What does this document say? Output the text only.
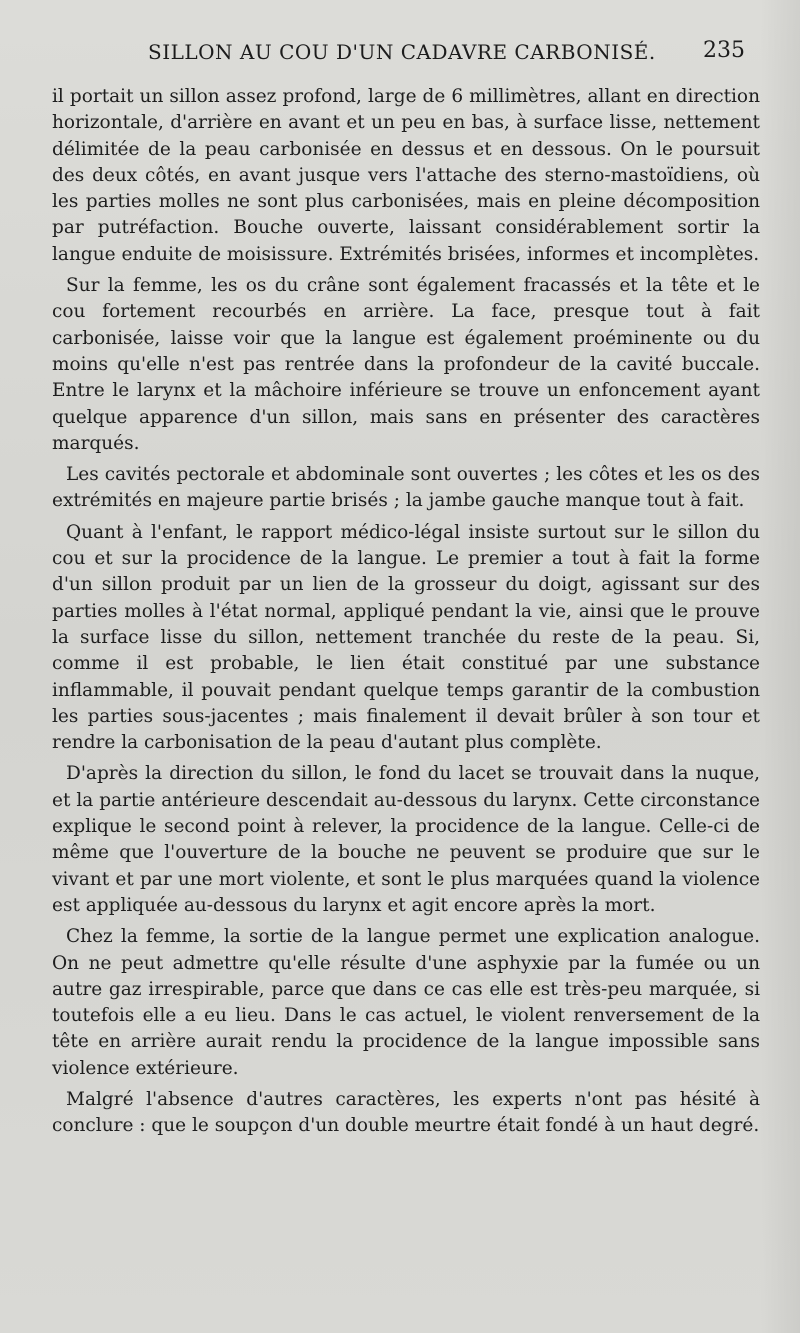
SILLON AU COU D'UN CADAVRE CARBONISÉ. 235

il portait un sillon assez profond, large de 6 millimètres, allant en direction horizontale, d'arrière en avant et un peu en bas, à surface lisse, nettement délimitée de la peau carbonisée en dessus et en dessous. On le poursuit des deux côtés, en avant jusque vers l'attache des sterno-mastoïdiens, où les parties molles ne sont plus carbonisées, mais en pleine décomposition par putréfaction. Bouche ouverte, laissant considérablement sortir la langue enduite de moisissure. Extrémités brisées, informes et incomplètes.

Sur la femme, les os du crâne sont également fracassés et la tête et le cou fortement recourbés en arrière. La face, presque tout à fait carbonisée, laisse voir que la langue est également proéminente ou du moins qu'elle n'est pas rentrée dans la profondeur de la cavité buccale. Entre le larynx et la mâchoire inférieure se trouve un enfoncement ayant quelque apparence d'un sillon, mais sans en présenter des caractères marqués.

Les cavités pectorale et abdominale sont ouvertes ; les côtes et les os des extrémités en majeure partie brisés ; la jambe gauche manque tout à fait.

Quant à l'enfant, le rapport médico-légal insiste surtout sur le sillon du cou et sur la procidence de la langue. Le premier a tout à fait la forme d'un sillon produit par un lien de la grosseur du doigt, agissant sur des parties molles à l'état normal, appliqué pendant la vie, ainsi que le prouve la surface lisse du sillon, nettement tranchée du reste de la peau. Si, comme il est probable, le lien était constitué par une substance inflammable, il pouvait pendant quelque temps garantir de la combustion les parties sous-jacentes ; mais finalement il devait brûler à son tour et rendre la carbonisation de la peau d'autant plus complète.

D'après la direction du sillon, le fond du lacet se trouvait dans la nuque, et la partie antérieure descendait au-dessous du larynx. Cette circonstance explique le second point à relever, la procidence de la langue. Celle-ci de même que l'ouverture de la bouche ne peuvent se produire que sur le vivant et par une mort violente, et sont le plus marquées quand la violence est appliquée au-dessous du larynx et agit encore après la mort.

Chez la femme, la sortie de la langue permet une explication analogue. On ne peut admettre qu'elle résulte d'une asphyxie par la fumée ou un autre gaz irrespirable, parce que dans ce cas elle est très-peu marquée, si toutefois elle a eu lieu. Dans le cas actuel, le violent renversement de la tête en arrière aurait rendu la procidence de la langue impossible sans violence extérieure.

Malgré l'absence d'autres caractères, les experts n'ont pas hésité à conclure : que le soupçon d'un double meurtre était fondé à un haut degré.
